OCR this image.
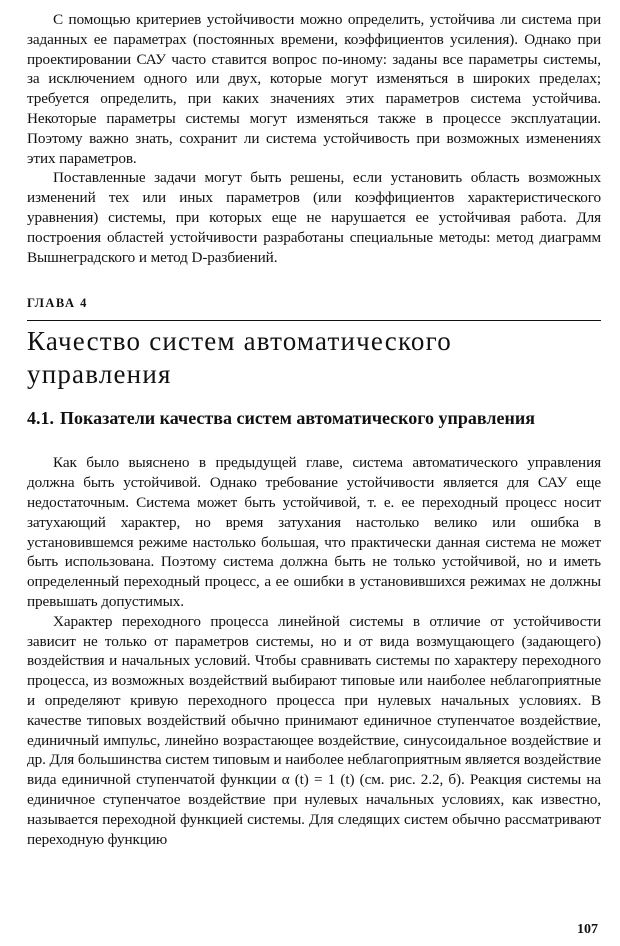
С помощью критериев устойчивости можно определить, устойчива ли система при заданных ее параметрах (постоянных времени, коэффициентов усиления). Однако при проектировании САУ часто ставится вопрос по-иному: заданы все параметры системы, за исключением одного или двух, которые могут изменяться в широких пределах; требуется определить, при каких значениях этих параметров система устойчива. Некоторые параметры системы могут изменяться также в процессе эксплуатации. Поэтому важно знать, сохранит ли система устойчивость при возможных изменениях этих параметров.

Поставленные задачи могут быть решены, если установить область возможных изменений тех или иных параметров (или коэффициентов характеристического уравнения) системы, при которых еще не нарушается ее устойчивая работа. Для построения областей устойчивости разработаны специальные методы: метод диаграмм Вышнеградского и метод D-разбиений.

ГЛАВА 4
Качество систем автоматического управления
4.1. Показатели качества систем автоматического управления

Как было выяснено в предыдущей главе, система автоматического управления должна быть устойчивой. Однако требование устойчивости является для САУ еще недостаточным. Система может быть устойчивой, т. е. ее переходный процесс носит затухающий характер, но время затухания настолько велико или ошибка в установившемся режиме настолько большая, что практически данная система не может быть использована. Поэтому система должна быть не только устойчивой, но и иметь определенный переходный процесс, а ее ошибки в установившихся режимах не должны превышать допустимых.

Характер переходного процесса линейной системы в отличие от устойчивости зависит не только от параметров системы, но и от вида возмущающего (задающего) воздействия и начальных условий. Чтобы сравнивать системы по характеру переходного процесса, из возможных воздействий выбирают типовые или наиболее неблагоприятные и определяют кривую переходного процесса при нулевых начальных условиях. В качестве типовых воздействий обычно принимают единичное ступенчатое воздействие, единичный импульс, линейно возрастающее воздействие, синусоидальное воздействие и др. Для большинства систем типовым и наиболее неблагоприятным является воздействие вида единичной ступенчатой функции α (t) = 1 (t) (см. рис. 2.2, б). Реакция системы на единичное ступенчатое воздействие при нулевых начальных условиях, как известно, называется переходной функцией системы. Для следящих систем обычно рассматривают переходную функцию

107
